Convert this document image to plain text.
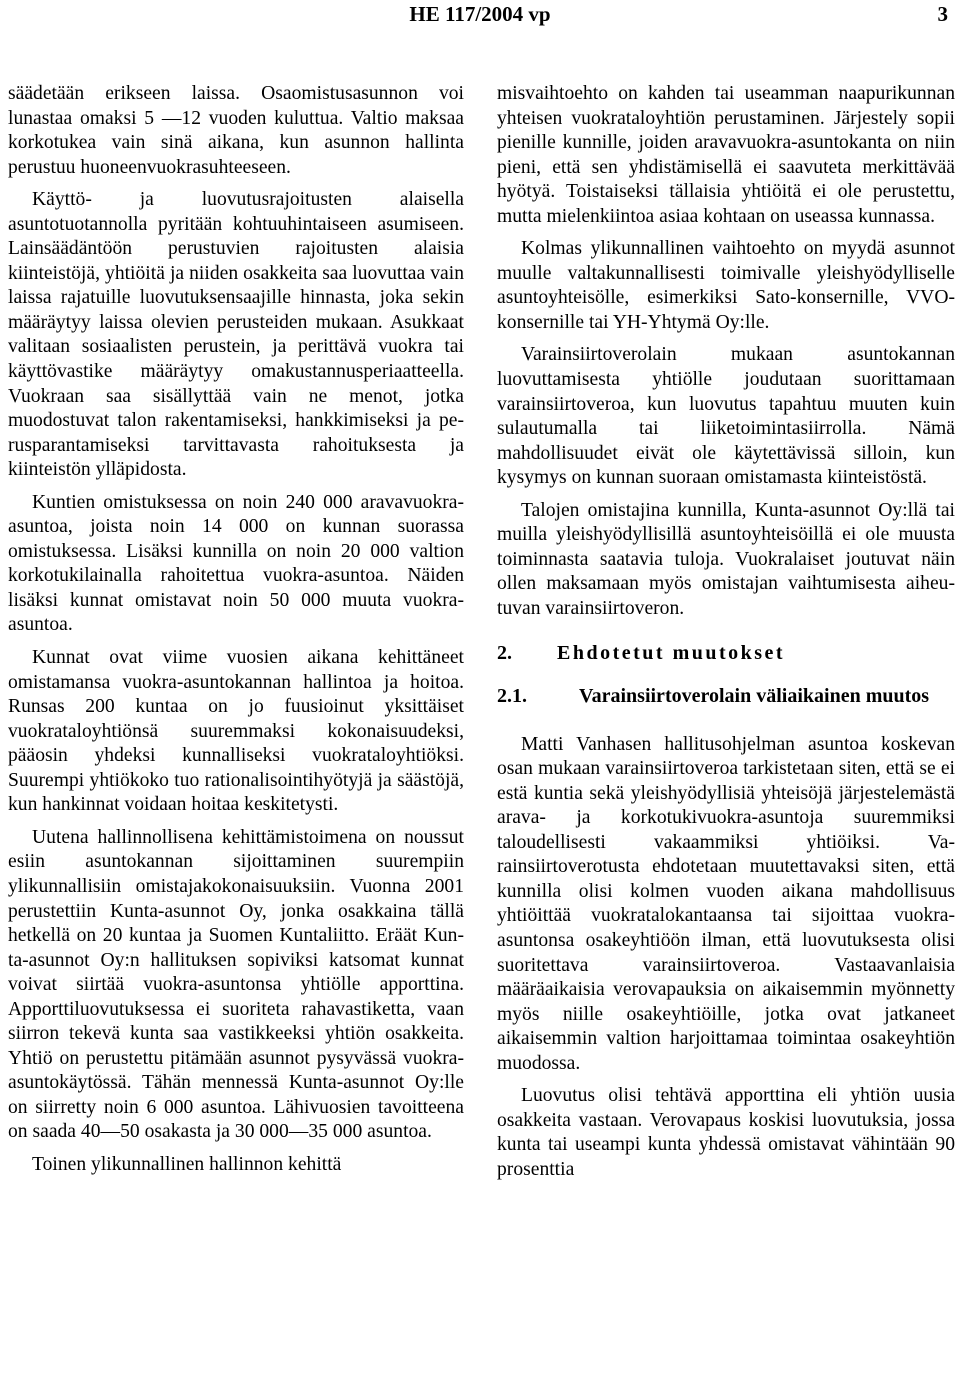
HE 117/2004 vp	3

säädetään erikseen laissa. Osaomistusasunnon voi lunastaa omaksi 5 —12 vuoden kuluttua. Valtio maksaa korkotukea vain sinä aikana, kun asunnon hallinta perustuu huoneenvuokrasuhteeseen.

Käyttö- ja luovutusrajoitusten alaisella asuntotuotannolla pyritään kohtuuhintaiseen asumiseen. Lainsäädäntöön perustuvien rajoitusten alaisia kiinteistöjä, yhtiöitä ja niiden osakkeita saa luovuttaa vain laissa rajatuille luovutuksensaajille hinnasta, joka sekin määräytyy laissa olevien perusteiden mukaan. Asukkaat valitaan sosiaalisten perustein, ja perittävä vuokra tai käyttövastike määräytyy omakustannusperiaatteella. Vuokraan saa sisällyttää vain ne menot, jotka muodostuvat talon rakentamiseksi, hankkimiseksi ja perusparantamiseksi tarvittavasta rahoituksesta ja kiinteistön ylläpidosta.

Kuntien omistuksessa on noin 240 000 aravavuokra-asuntoa, joista noin 14 000 on kunnan suorassa omistuksessa. Lisäksi kunnilla on noin 20 000 valtion korkotukilainalla rahoitettua vuokra-asuntoa. Näiden lisäksi kunnat omistavat noin 50 000 muuta vuokra-asuntoa.

Kunnat ovat viime vuosien aikana kehittäneet omistamansa vuokra-asuntokannan hallintoa ja hoitoa. Runsas 200 kuntaa on jo fuusioinut yksittäiset vuokrataloyhtiönsä suuremmaksi kokonaisuudeksi, pääosin yhdeksi kunnalliseksi vuokrataloyhtiöksi. Suurempi yhtiökoko tuo rationalisointihyötyjä ja säästöjä, kun hankinnat voidaan hoitaa keskitetysti.

Uutena hallinnollisena kehittämistoimena on noussut esiin asuntokannan sijoittaminen suurempiin ylikunnallisiin omistajakokonaisuuksiin. Vuonna 2001 perustettiin Kunta-asunnot Oy, jonka osakkaina tällä hetkellä on 20 kuntaa ja Suomen Kuntaliitto. Eräät Kunta-asunnot Oy:n hallituksen sopiviksi katsomat kunnat voivat siirtää vuokra-asuntonsa yhtiölle apporttina. Apporttiluovutuksessa ei suoriteta rahavastiketta, vaan siirron tekevä kunta saa vastikkeeksi yhtiön osakkeita. Yhtiö on perustettu pitämään asunnot pysyvässä vuokra-asuntokäytössä. Tähän mennessä Kunta-asunnot Oy:lle on siirretty noin 6 000 asuntoa. Lähivuosien tavoitteena on saada 40—50 osakasta ja 30 000—35 000 asuntoa.

Toinen ylikunnallinen hallinnon kehittä

misvaihtoehto on kahden tai useamman naapurikunnan yhteisen vuokrataloyhtiön perustaminen. Järjestely sopii pienille kunnille, joiden aravavuokra-asuntokanta on niin pieni, että sen yhdistämisellä ei saavuteta merkittävää hyötyä. Toistaiseksi tällaisia yhtiöitä ei ole perustettu, mutta mielenkiintoa asiaa kohtaan on useassa kunnassa.

Kolmas ylikunnallinen vaihtoehto on myydä asunnot muulle valtakunnallisesti toimivalle yleishyödylliselle asuntoyhteisölle, esimerkiksi Sato-konsernille, VVO-konsernille tai YH-Yhtymä Oy:lle.

Varainsiirtoverolain mukaan asuntokannan luovuttamisesta yhtiölle joudutaan suorittamaan varainsiirtoveroa, kun luovutus tapahtuu muuten kuin sulautumalla tai liiketoimintasiirrolla. Nämä mahdollisuudet eivät ole käytettävissä silloin, kun kysymys on kunnan suoraan omistamasta kiinteistöstä.

Talojen omistajina kunnilla, Kunta-asunnot Oy:llä tai muilla yleishyödyllisillä asuntoyhteisöillä ei ole muusta toiminnasta saatavia tuloja. Vuokralaiset joutuvat näin ollen maksamaan myös omistajan vaihtumisesta aiheutuvan varainsiirtoveron.

2.	Ehdotetut muutokset
2.1.	Varainsiirtoverolain väliaikainen muutos

Matti Vanhasen hallitusohjelman asuntoa koskevan osan mukaan varainsiirtoveroa tarkistetaan siten, että se ei estä kuntia sekä yleishyödyllisiä yhteisöjä järjestelemästä arava- ja korkotukivuokra-asuntoja suuremmiksi taloudellisesti vakaammiksi yhtiöiksi. Varainsiirtoverotusta ehdotetaan muutettavaksi siten, että kunnilla olisi kolmen vuoden aikana mahdollisuus yhtiöittää vuokratalokantaansa tai sijoittaa vuokra-asuntonsa osakeyhtiöön ilman, että luovutuksesta olisi suoritettava varainsiirtoveroa. Vastaavanlaisia määräaikaisia verovapauksia on aikaisemmin myönnetty myös niille osakeyhtiöille, jotka ovat jatkaneet aikaisemmin valtion harjoittamaa toimintaa osakeyhtiön muodossa.

Luovutus olisi tehtävä apporttina eli yhtiön uusia osakkeita vastaan. Verovapaus koskisi luovutuksia, jossa kunta tai useampi kunta yhdessä omistavat vähintään 90 prosenttia
